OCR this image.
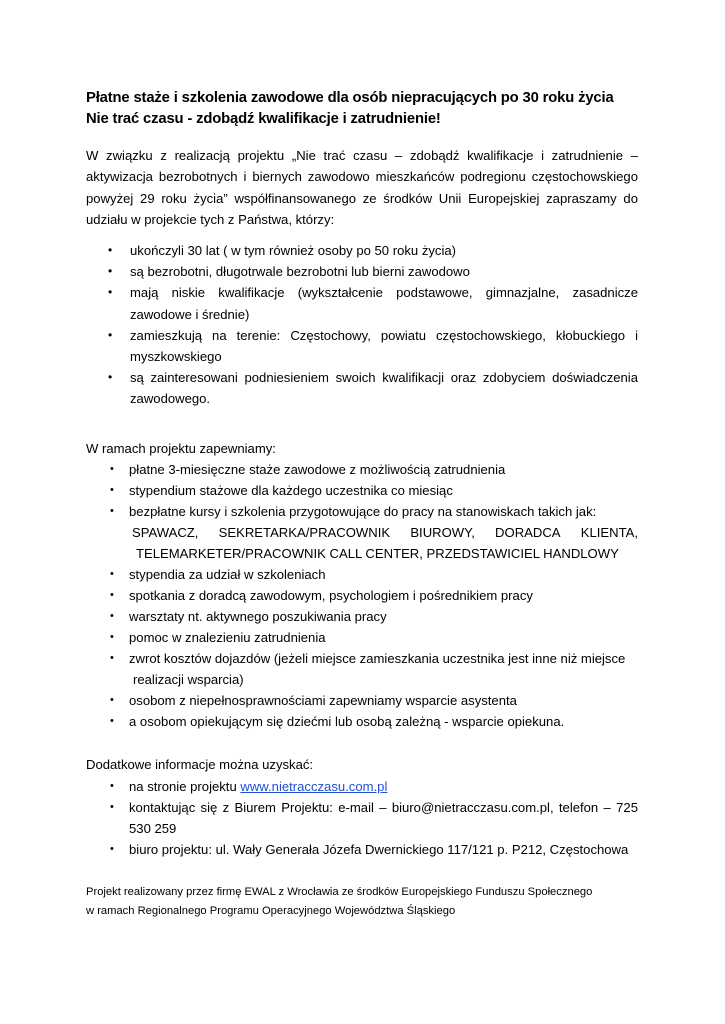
Płatne staże i szkolenia zawodowe dla osób niepracujących po 30 roku życia
Nie trać czasu - zdobądź kwalifikacje i zatrudnienie!
W związku z realizacją projektu „Nie trać czasu – zdobądź kwalifikacje i zatrudnienie – aktywizacja bezrobotnych i biernych zawodowo mieszkańców podregionu częstochowskiego powyżej 29 roku życia” współfinansowanego ze środków Unii Europejskiej zapraszamy do udziału w projekcie tych z Państwa, którzy:
• ukończyli 30 lat ( w tym również osoby po 50 roku życia)
• są bezrobotni, długotrwale bezrobotni lub bierni zawodowo
• mają niskie kwalifikacje (wykształcenie podstawowe, gimnazjalne, zasadnicze zawodowe i średnie)
• zamieszkują na terenie: Częstochowy, powiatu częstochowskiego, kłobuckiego i myszkowskiego
• są zainteresowani podniesieniem swoich kwalifikacji oraz zdobyciem doświadczenia zawodowego.
W ramach projektu zapewniamy:
• płatne 3-miesięczne staże zawodowe z możliwością zatrudnienia
• stypendium stażowe dla każdego uczestnika co miesiąc
• bezpłatne kursy i szkolenia przygotowujące do pracy na stanowiskach takich jak:
SPAWACZ, SEKRETARKA/PRACOWNIK BIUROWY, DORADCA KLIENTA,
TELEMARKETER/PRACOWNIK CALL CENTER, PRZEDSTAWICIEL HANDLOWY
• stypendia za udział w szkoleniach
• spotkania z doradcą zawodowym, psychologiem i pośrednikiem pracy
• warsztaty nt. aktywnego poszukiwania pracy
• pomoc w znalezieniu zatrudnienia
• zwrot kosztów dojazdów (jeżeli miejsce zamieszkania uczestnika jest inne niż miejsce
realizacji wsparcia)
• osobom z niepełnosprawnościami zapewniamy wsparcie asystenta
• a osobom opiekującym się dziećmi lub osobą zależną - wsparcie opiekuna.
Dodatkowe informacje można uzyskać:
• na stronie projektu www.nietracczasu.com.pl
• kontaktując się z Biurem Projektu: e-mail – biuro@nietracczasu.com.pl, telefon – 725 530 259
• biuro projektu: ul. Wały Generała Józefa Dwernickiego 117/121 p. P212, Częstochowa
Projekt realizowany przez firmę EWAL z Wrocławia ze środków Europejskiego Funduszu Społecznego
w ramach Regionalnego Programu Operacyjnego Województwa Śląskiego
